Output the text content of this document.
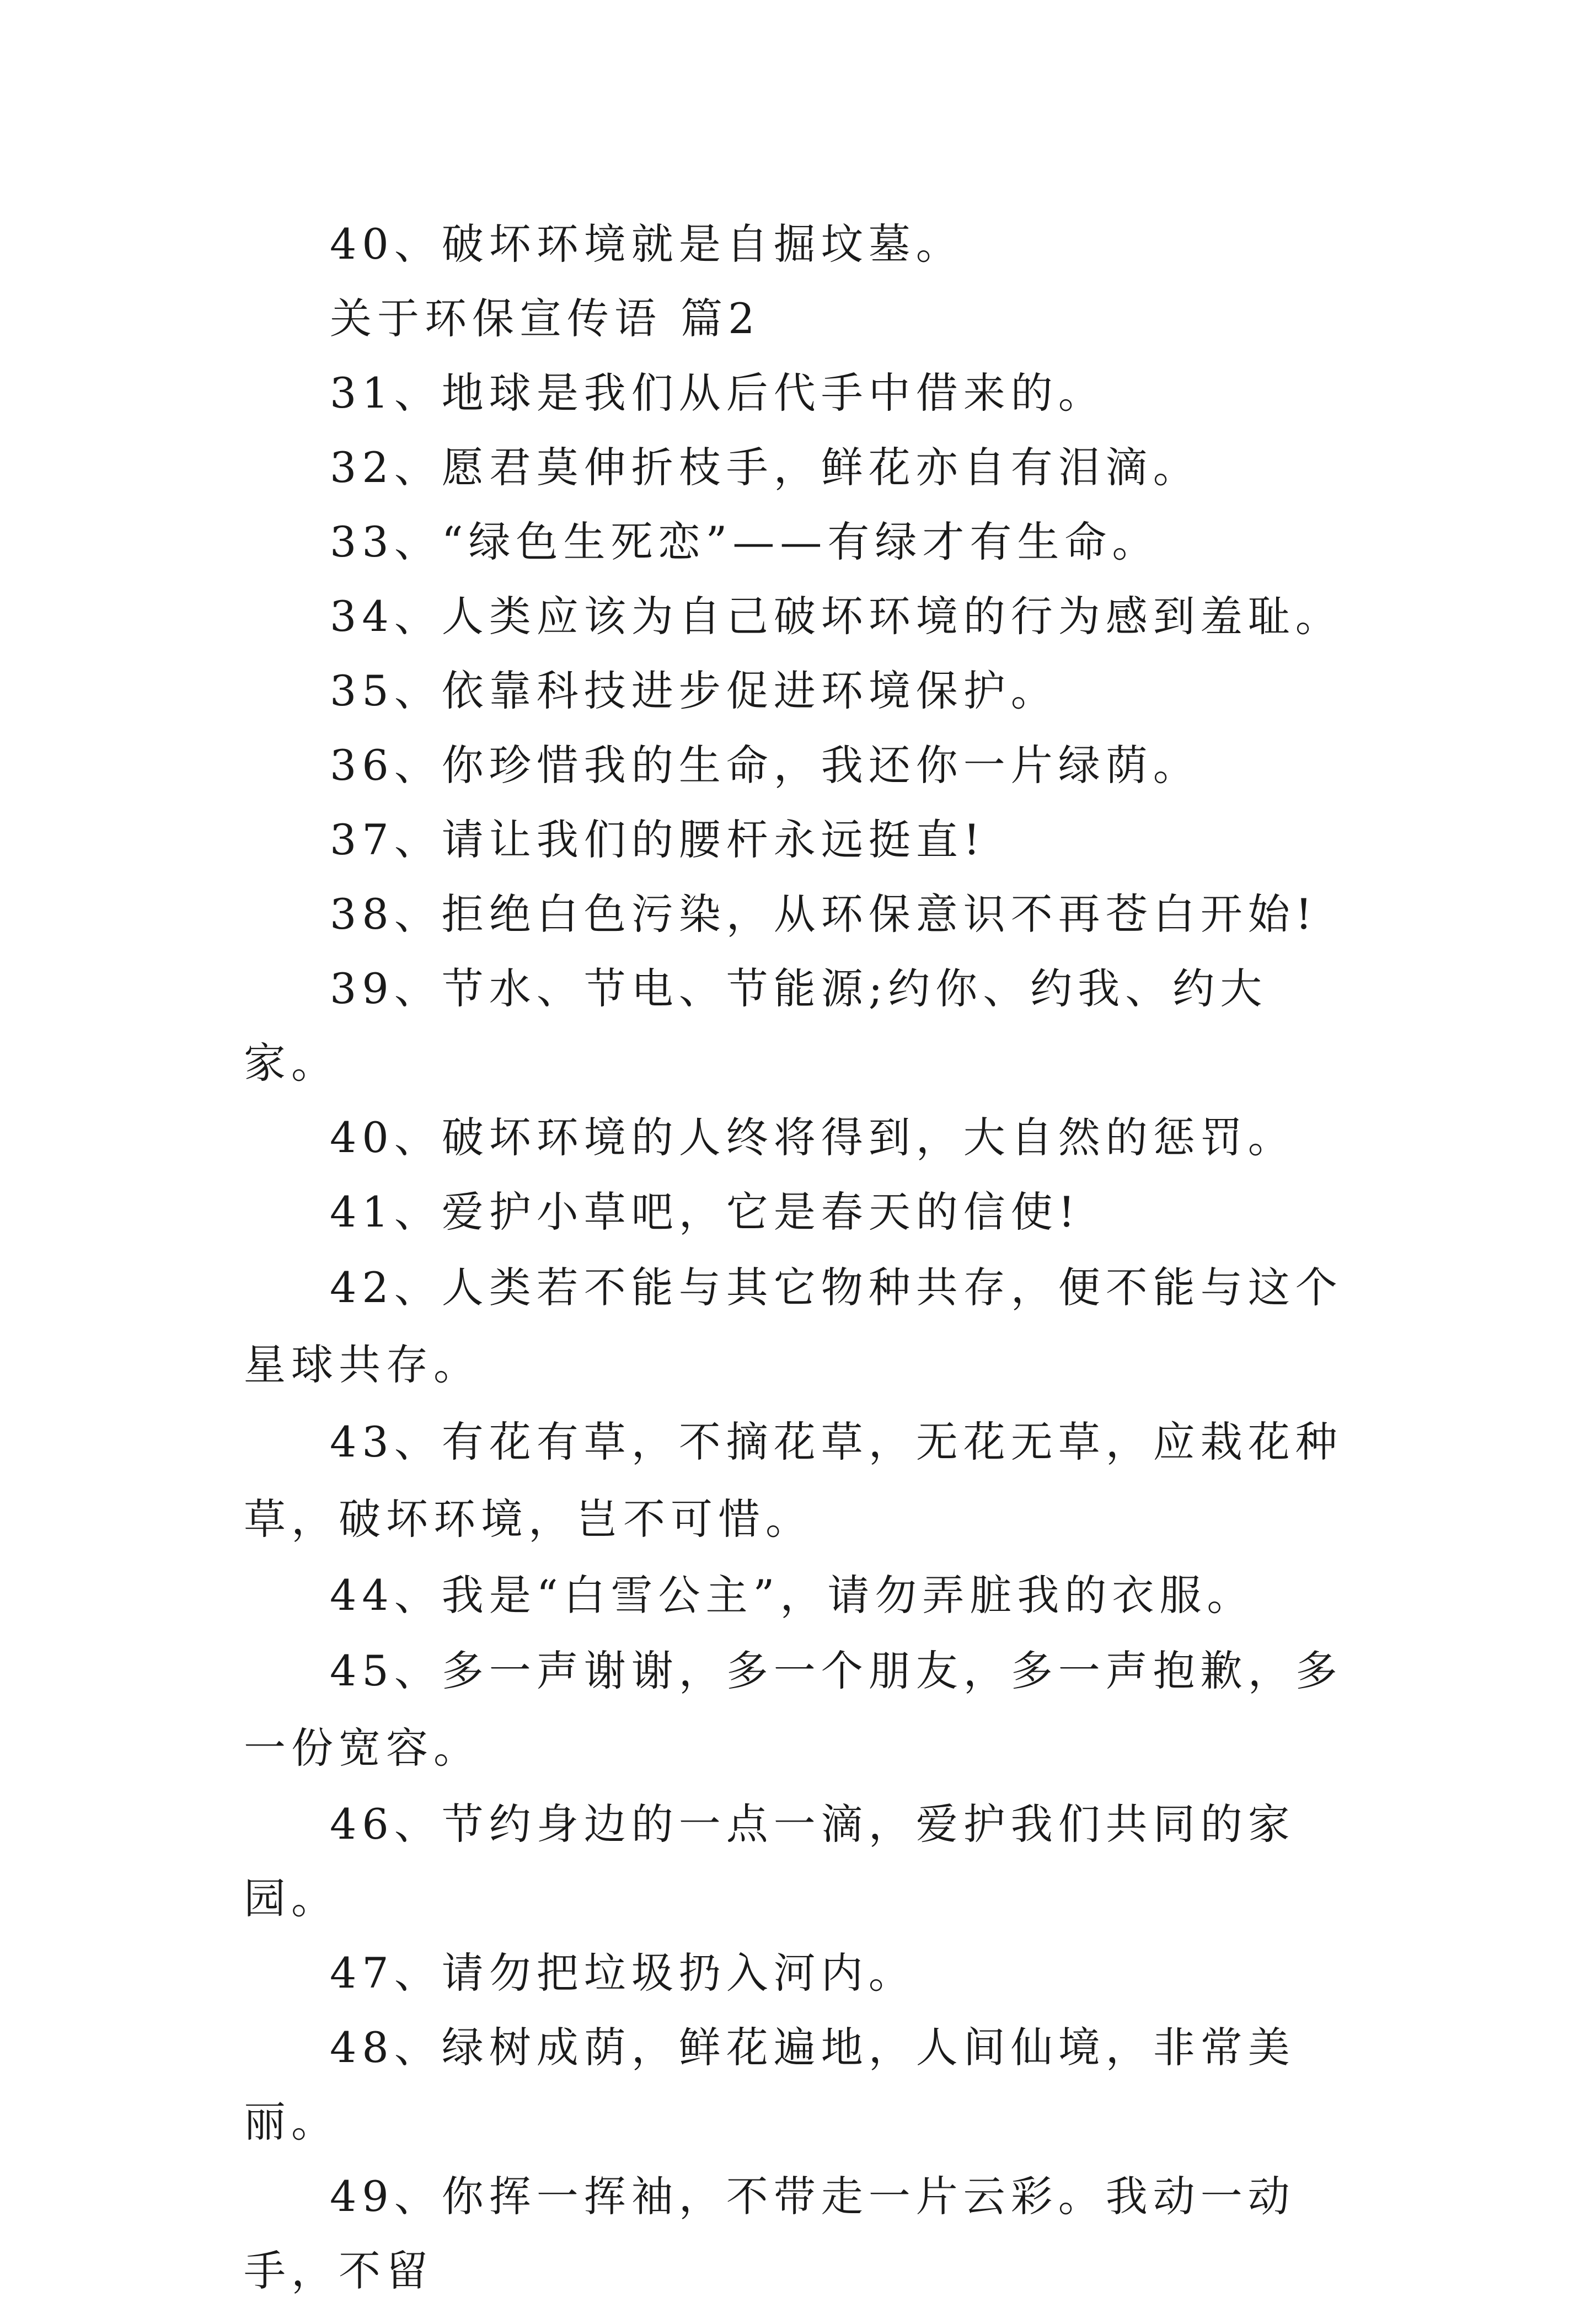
40、破坏环境就是自掘坟墓。

关于环保宣传语 篇2

31、地球是我们从后代手中借来的。

32、愿君莫伸折枝手，鲜花亦自有泪滴。

33、“绿色生死恋”——有绿才有生命。

34、人类应该为自己破坏环境的行为感到羞耻。

35、依靠科技进步促进环境保护。

36、你珍惜我的生命，我还你一片绿荫。

37、请让我们的腰杆永远挺直!

38、拒绝白色污染，从环保意识不再苍白开始!

39、节水、节电、节能源;约你、约我、约大家。

40、破坏环境的人终将得到，大自然的惩罚。

41、爱护小草吧，它是春天的信使!

42、人类若不能与其它物种共存，便不能与这个星球共存。

43、有花有草，不摘花草，无花无草，应栽花种草，破坏环境，岂不可惜。

44、我是“白雪公主”，请勿弄脏我的衣服。

45、多一声谢谢，多一个朋友，多一声抱歉，多一份宽容。

46、节约身边的一点一滴，爱护我们共同的家园。

47、请勿把垃圾扔入河内。

48、绿树成荫，鲜花遍地，人间仙境，非常美丽。

49、你挥一挥袖，不带走一片云彩。我动一动手，不留
